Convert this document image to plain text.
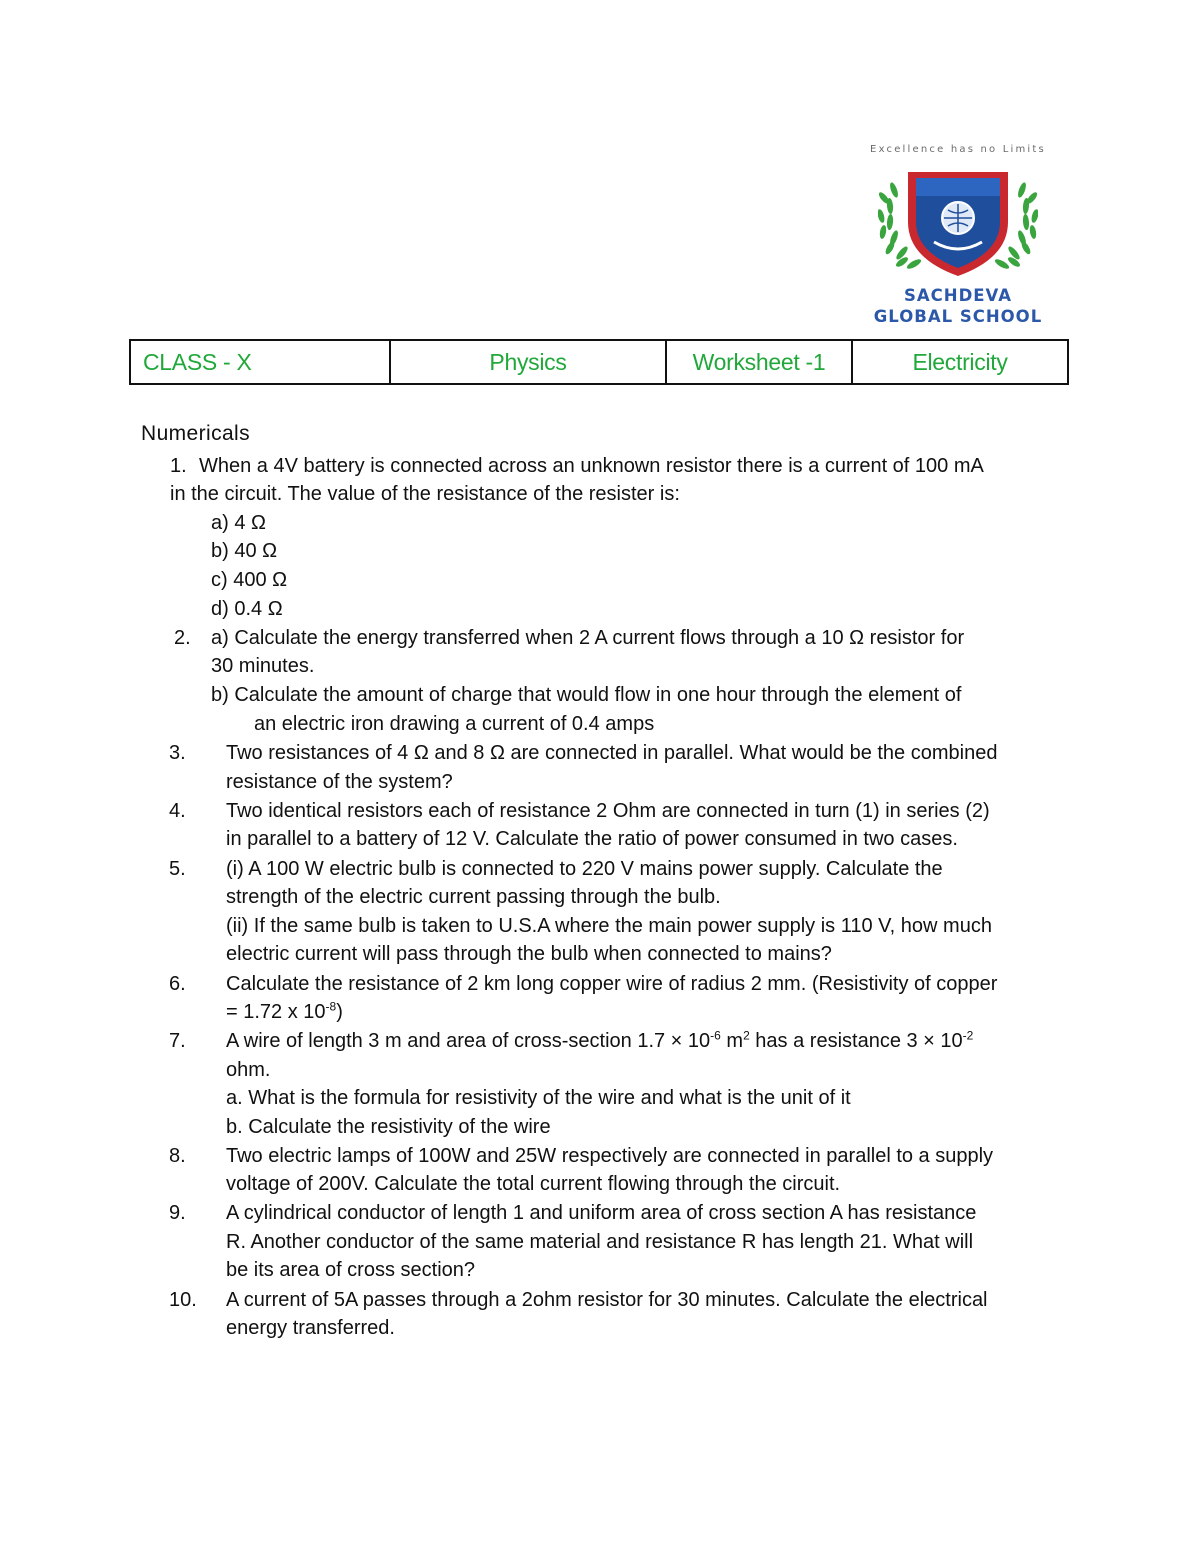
Excellence has no Limits
SACHDEVA
GLOBAL SCHOOL
CLASS - X	Physics	Worksheet -1	Electricity
Numericals
1. When a 4V battery is connected across an unknown resistor there is a current of 100 mA
in the circuit. The value of the resistance of the resister is:
a) 4 Ω
b) 40 Ω
c) 400 Ω
d) 0.4 Ω
2. a) Calculate the energy transferred when 2 A current flows through a 10 Ω resistor for
30 minutes.
b) Calculate the amount of charge that would flow in one hour through the element of
an electric iron drawing a current of 0.4 amps
3. Two resistances of 4 Ω and 8 Ω are connected in parallel. What would be the combined
resistance of the system?
4. Two identical resistors each of resistance 2 Ohm are connected in turn (1) in series (2)
in parallel to a battery of 12 V. Calculate the ratio of power consumed in two cases.
5. (i) A 100 W electric bulb is connected to 220 V mains power supply. Calculate the
strength of the electric current passing through the bulb.
(ii) If the same bulb is taken to U.S.A where the main power supply is 110 V, how much
electric current will pass through the bulb when connected to mains?
6. Calculate the resistance of 2 km long copper wire of radius 2 mm. (Resistivity of copper
= 1.72 x $10^{-8}$)
7. A wire of length 3 m and area of cross-section $1.7 \times 10^{-6}$ $m^2$ has a resistance $3 \times 10^{-2}$
ohm.
a. What is the formula for resistivity of the wire and what is the unit of it
b. Calculate the resistivity of the wire
8. Two electric lamps of 100W and 25W respectively are connected in parallel to a supply
voltage of 200V. Calculate the total current flowing through the circuit.
9. A cylindrical conductor of length 1 and uniform area of cross section A has resistance
R. Another conductor of the same material and resistance R has length 21. What will
be its area of cross section?
10. A current of 5A passes through a 2ohm resistor for 30 minutes. Calculate the electrical
energy transferred.
